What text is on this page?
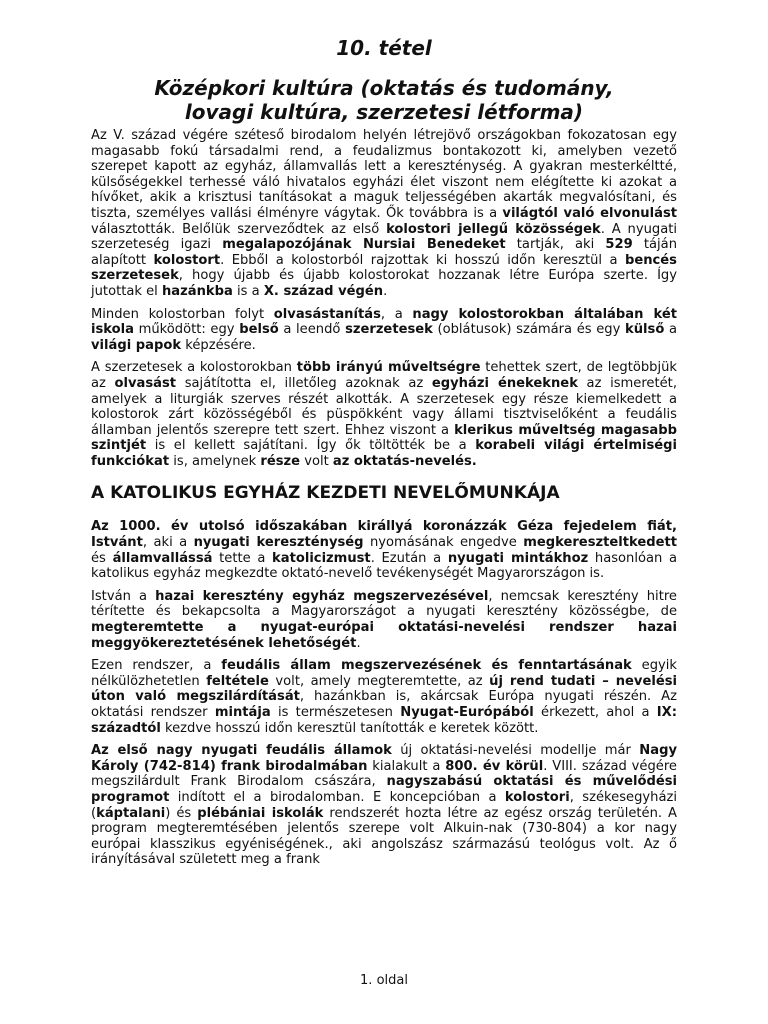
10. tétel
Középkori kultúra (oktatás és tudomány,
lovagi kultúra, szerzetesi létforma)

Az V. század végére széteső birodalom helyén létrejövő országokban fokozatosan egy magasabb fokú társadalmi rend, a feudalizmus bontakozott ki, amelyben vezető szerepet kapott az egyház, államvallás lett a kereszténység. A gyakran mesterkéltté, külsőségekkel terhessé váló hivatalos egyházi élet viszont nem elégítette ki azokat a hívőket, akik a krisztusi tanításokat a maguk teljességében akarták megvalósítani, és tiszta, személyes vallási élményre vágytak. Ők továbbra is a világtól való elvonulást választották. Belőlük szerveződtek az első kolostori jellegű közösségek. A nyugati szerzeteség igazi megalapozójának Nursiai Benedeket tartják, aki 529 táján alapított kolostort. Ebből a kolostorból rajzottak ki hosszú időn keresztül a bencés szerzetesek, hogy újabb és újabb kolostorokat hozzanak létre Európa szerte. Így jutottak el hazánkba is a X. század végén.

Minden kolostorban folyt olvasástanítás, a nagy kolostorokban általában két iskola működött: egy belső a leendő szerzetesek (oblátusok) számára és egy külső a világi papok képzésére.

A szerzetesek a kolostorokban több irányú műveltségre tehettek szert, de legtöbbjük az olvasást sajátította el, illetőleg azoknak az egyházi énekeknek az ismeretét, amelyek a liturgiák szerves részét alkották. A szerzetesek egy része kiemelkedett a kolostorok zárt közösségéből és püspökként vagy állami tisztviselőként a feudális államban jelentős szerepre tett szert. Ehhez viszont a klerikus műveltség magasabb szintjét is el kellett sajátítani. Így ők töltötték be a korabeli világi értelmiségi funkciókat is, amelynek része volt az oktatás-nevelés.

A KATOLIKUS EGYHÁZ KEZDETI NEVELŐMUNKÁJA

Az 1000. év utolsó időszakában királlyá koronázzák Géza fejedelem fiát, Istvánt, aki a nyugati kereszténység nyomásának engedve megkereszteltkedett és államvallássá tette a katolicizmust. Ezután a nyugati mintákhoz hasonlóan a katolikus egyház megkezdte oktató-nevelő tevékenységét Magyarországon is.

István a hazai keresztény egyház megszervezésével, nemcsak keresztény hitre térítette és bekapcsolta a Magyarországot a nyugati keresztény közösségbe, de megteremtette a nyugat-európai oktatási-nevelési rendszer hazai meggyökereztetésének lehetőségét.

Ezen rendszer, a feudális állam megszervezésének és fenntartásának egyik nélkülözhetetlen feltétele volt, amely megteremtette, az új rend tudati – nevelési úton való megszilárdítását, hazánkban is, akárcsak Európa nyugati részén. Az oktatási rendszer mintája is természetesen Nyugat-Európából érkezett, ahol a IX: századtól kezdve hosszú időn keresztül tanították e keretek között.

Az első nagy nyugati feudális államok új oktatási-nevelési modellje már Nagy Károly (742-814) frank birodalmában kialakult a 800. év körül. VIII. század végére megszilárdult Frank Birodalom császára, nagyszabású oktatási és művelődési programot indított el a birodalomban. E koncepcióban a kolostori, székesegyházi (káptalani) és plébániai iskolák rendszerét hozta létre az egész ország területén. A program megteremtésében jelentős szerepe volt Alkuin-nak (730-804) a kor nagy európai klasszikus egyéniségének., aki angolszász származású teológus volt. Az ő irányításával született meg a frank

1. oldal
